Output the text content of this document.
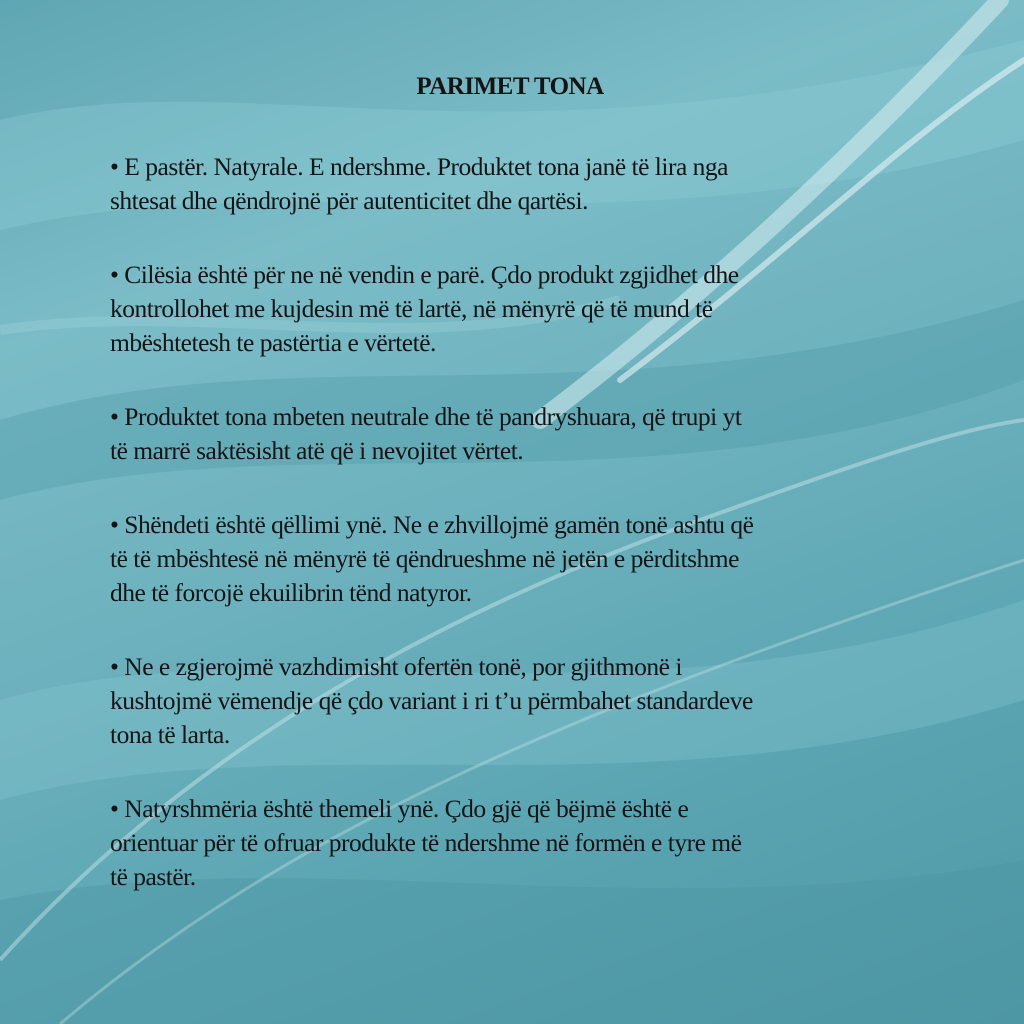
PARIMET TONA
• E pastër. Natyrale. E ndershme. Produktet tona janë të lira nga
shtesat dhe qëndrojnë për autenticitet dhe qartësi.
• Cilësia është për ne në vendin e parë. Çdo produkt zgjidhet dhe
kontrollohet me kujdesin më të lartë, në mënyrë që të mund të
mbështetesh te pastërtia e vërtetë.
• Produktet tona mbeten neutrale dhe të pandryshuara, që trupi yt
të marrë saktësisht atë që i nevojitet vërtet.
• Shëndeti është qëllimi ynë. Ne e zhvillojmë gamën tonë ashtu që
të të mbështesë në mënyrë të qëndrueshme në jetën e përditshme
dhe të forcojë ekuilibrin tënd natyror.
• Ne e zgjerojmë vazhdimisht ofertën tonë, por gjithmonë i
kushtojmë vëmendje që çdo variant i ri t’u përmbahet standardeve
tona të larta.
• Natyrshmëria është themeli ynë. Çdo gjë që bëjmë është e
orientuar për të ofruar produkte të ndershme në formën e tyre më
të pastër.
